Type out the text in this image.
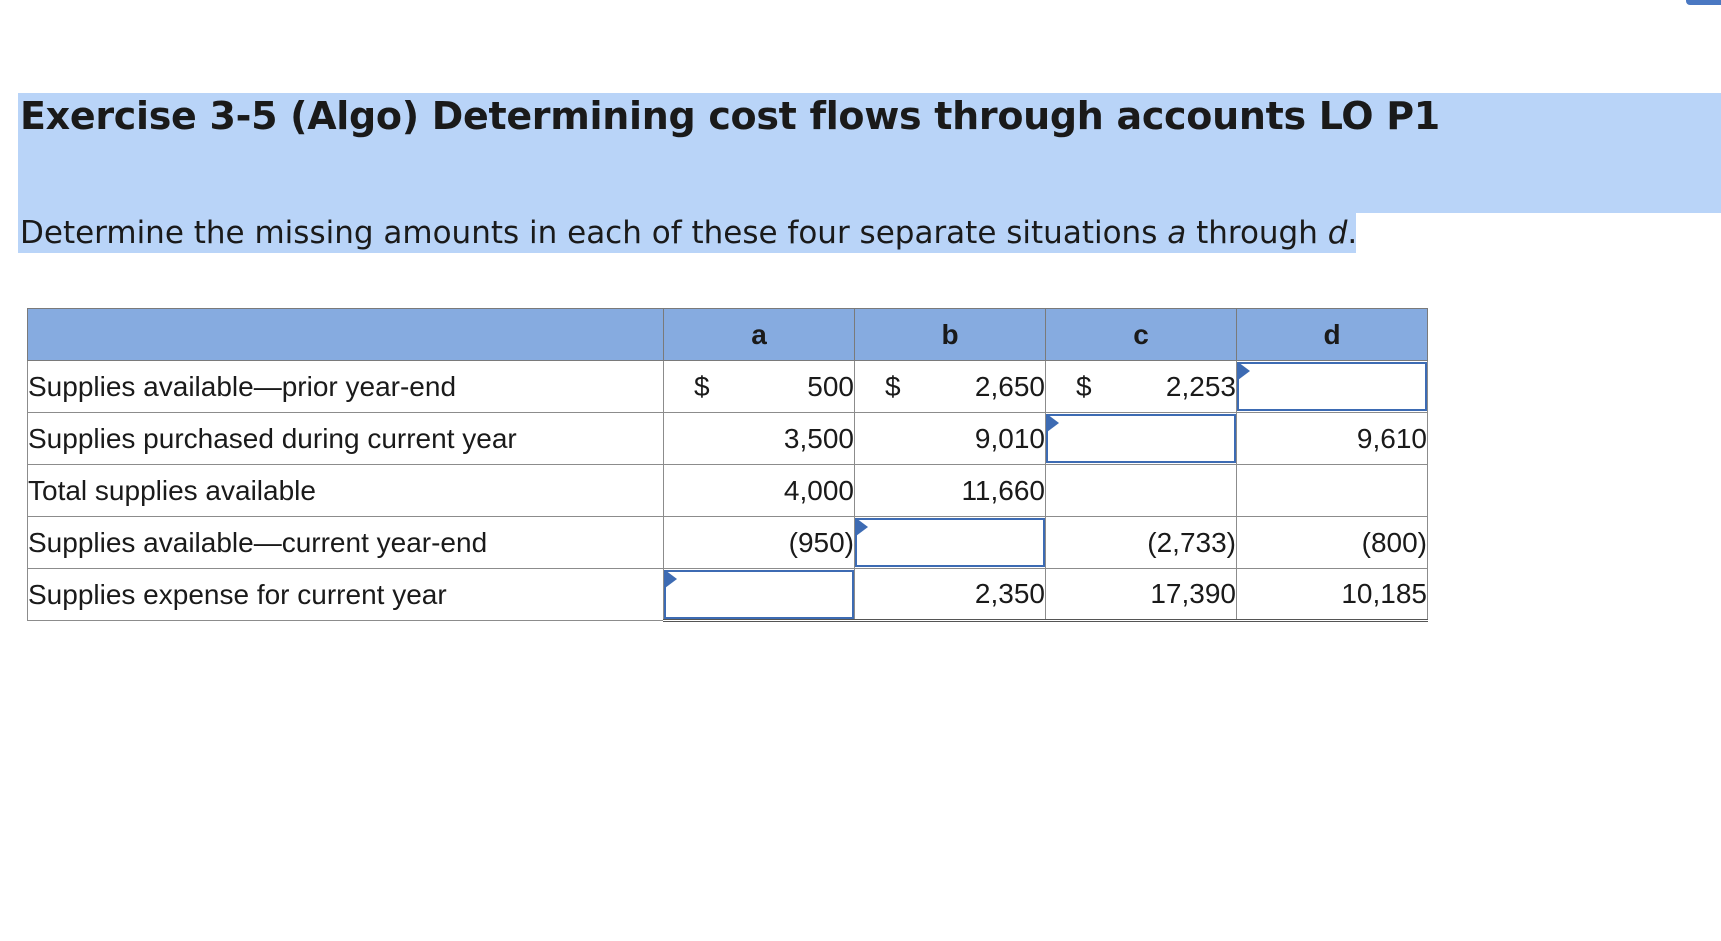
Exercise 3-5 (Algo) Determining cost flows through accounts LO P1
Determine the missing amounts in each of these four separate situations a through d.
	a	b	c	d
Supplies available—prior year-end	$ 500	$ 2,650	$ 2,253	

Supplies purchased during current year	3,500	9,010		9,610
Total supplies available	4,000	11,660		
Supplies available—current year-end	(950)		(2,733)	(800)
Supplies expense for current year		2,350	17,390	10,185
